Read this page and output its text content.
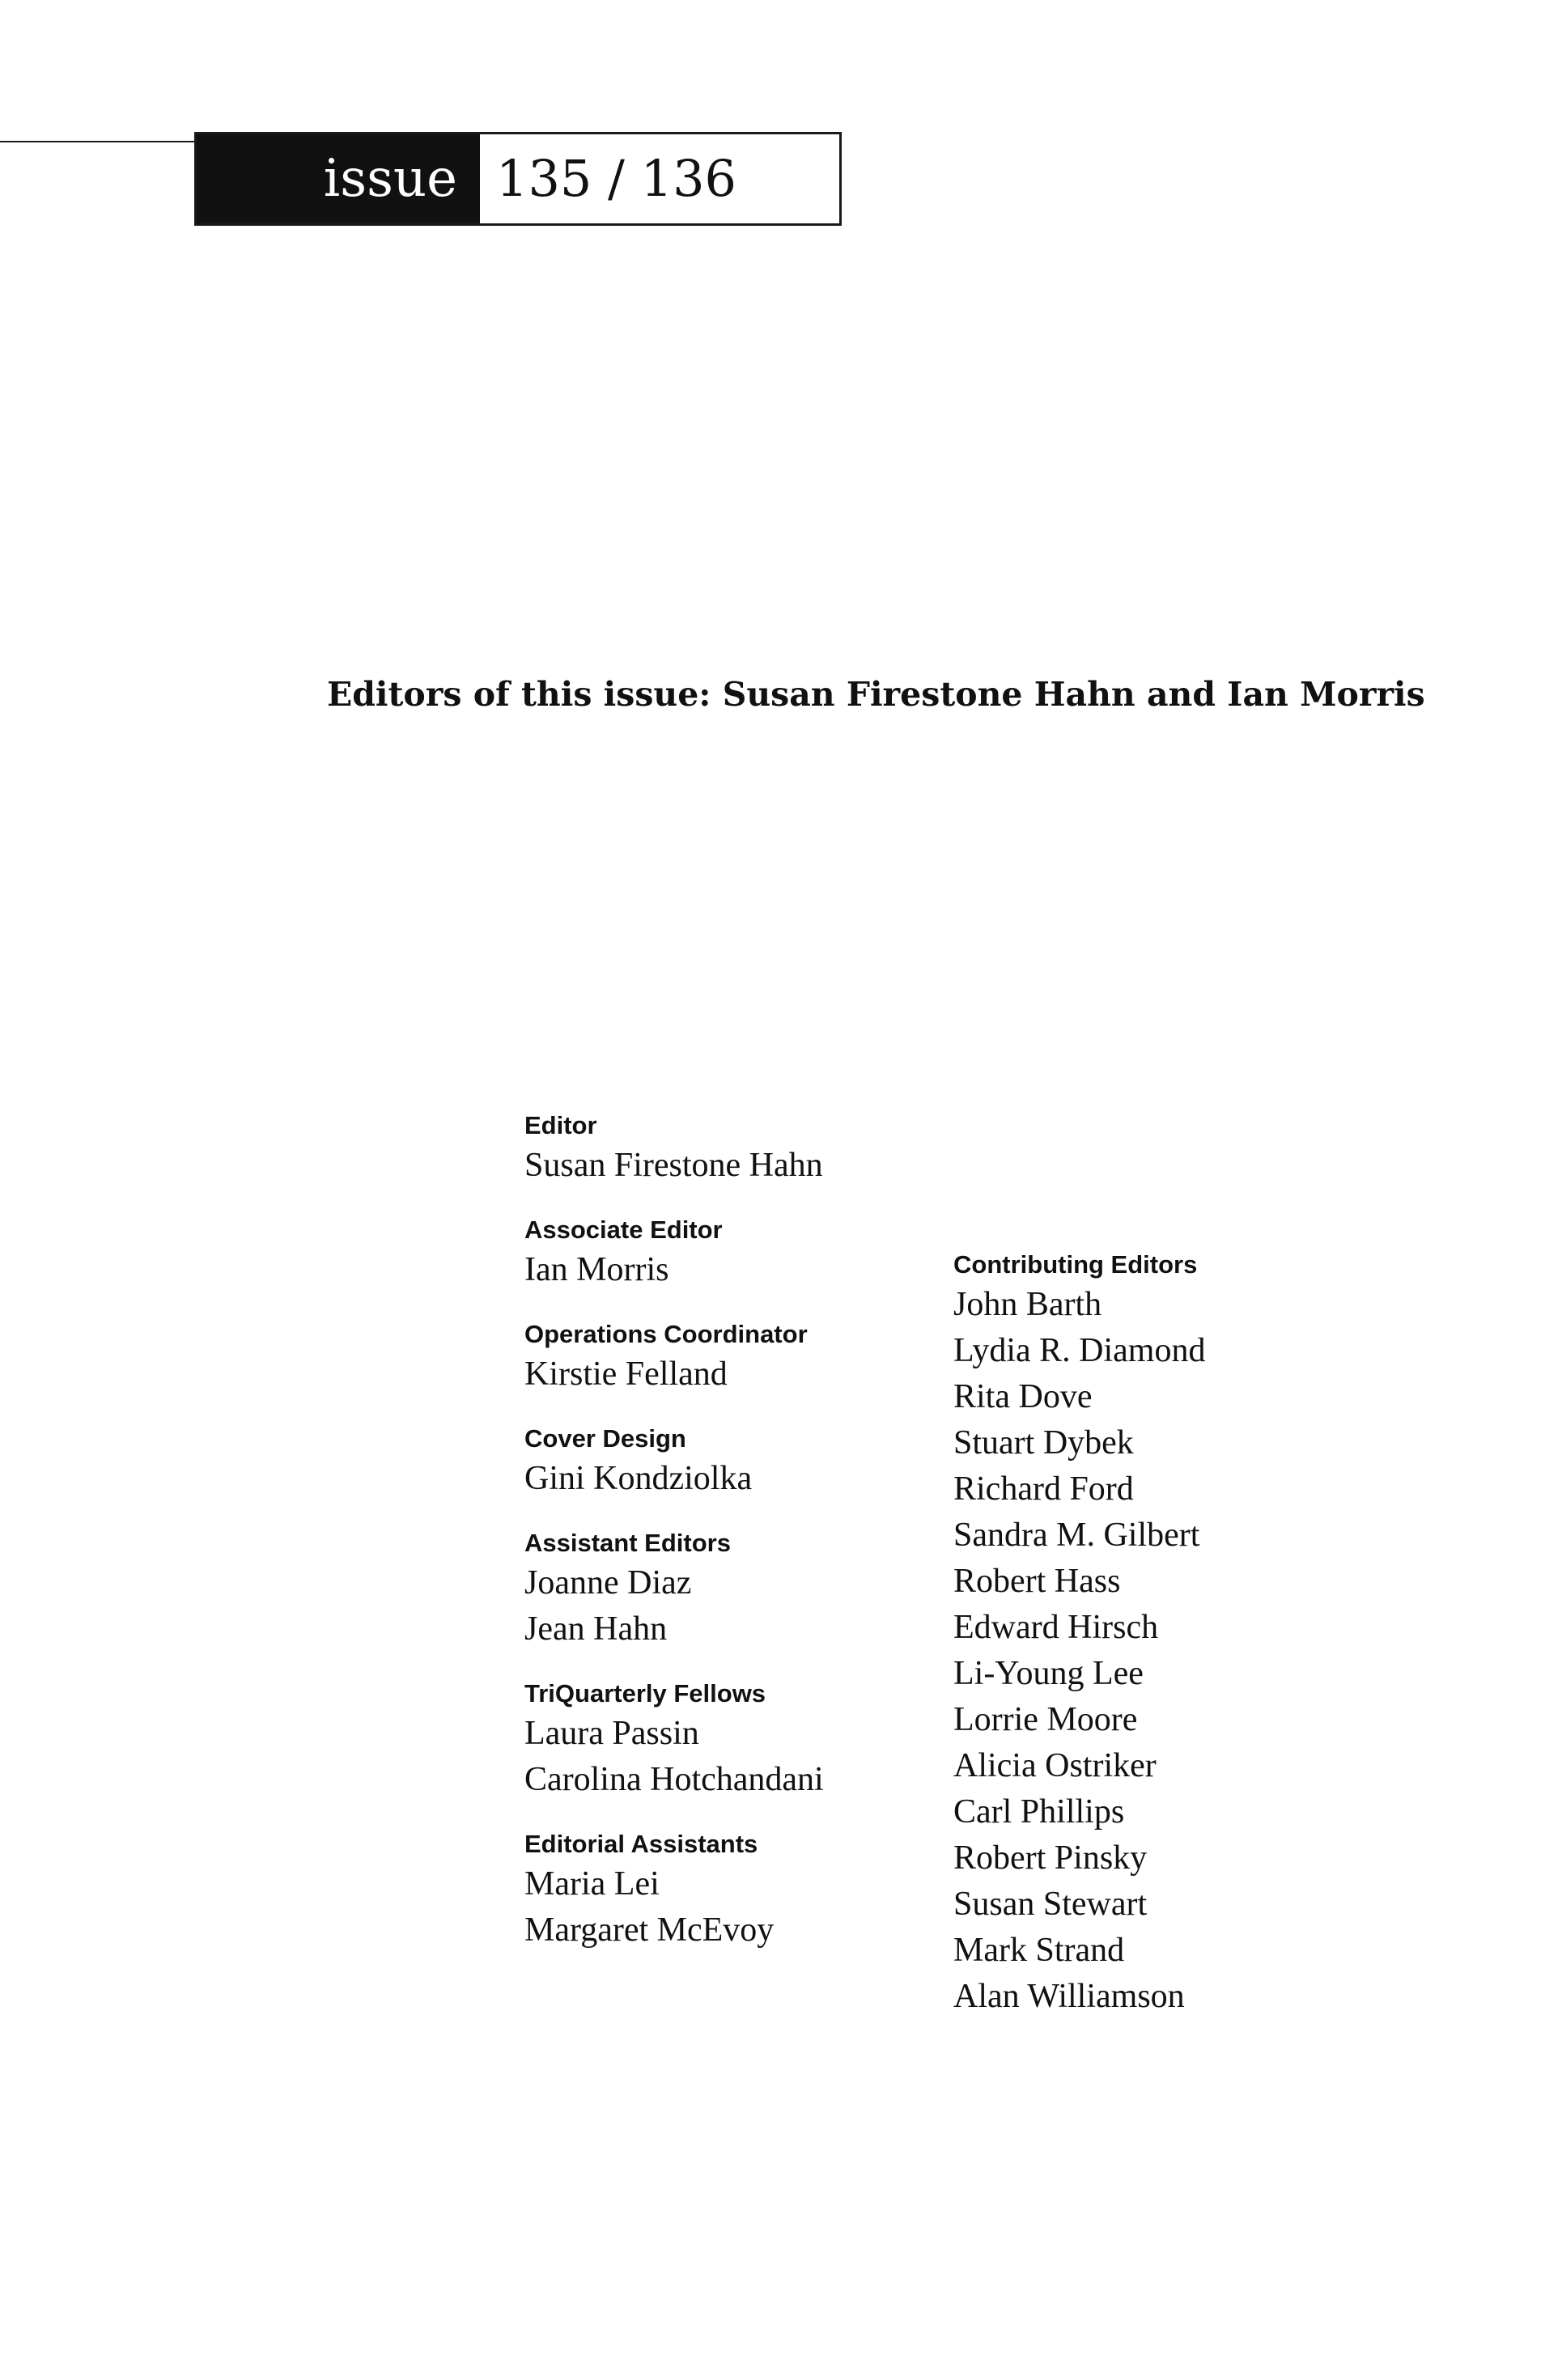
issue 135 / 136
Editors of this issue: Susan Firestone Hahn and Ian Morris
Editor
Susan Firestone Hahn
Associate Editor
Ian Morris
Operations Coordinator
Kirstie Felland
Cover Design
Gini Kondziolka
Assistant Editors
Joanne Diaz
Jean Hahn
TriQuarterly Fellows
Laura Passin
Carolina Hotchandani
Editorial Assistants
Maria Lei
Margaret McEvoy
Contributing Editors
John Barth
Lydia R. Diamond
Rita Dove
Stuart Dybek
Richard Ford
Sandra M. Gilbert
Robert Hass
Edward Hirsch
Li-Young Lee
Lorrie Moore
Alicia Ostriker
Carl Phillips
Robert Pinsky
Susan Stewart
Mark Strand
Alan Williamson
